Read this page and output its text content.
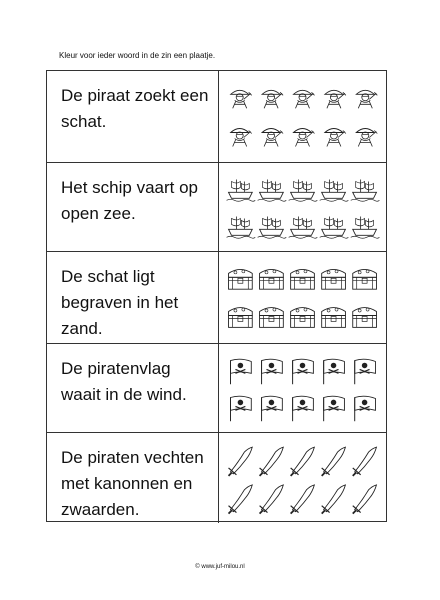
Kleur voor ieder woord in de zin een plaatje.
De piraat zoekt een schat.
Het schip vaart op open zee.
De schat ligt begraven in het zand.
De piratenvlag waait in de wind.
De piraten vechten met kanonnen en zwaarden.
© www.juf-milou.nl
